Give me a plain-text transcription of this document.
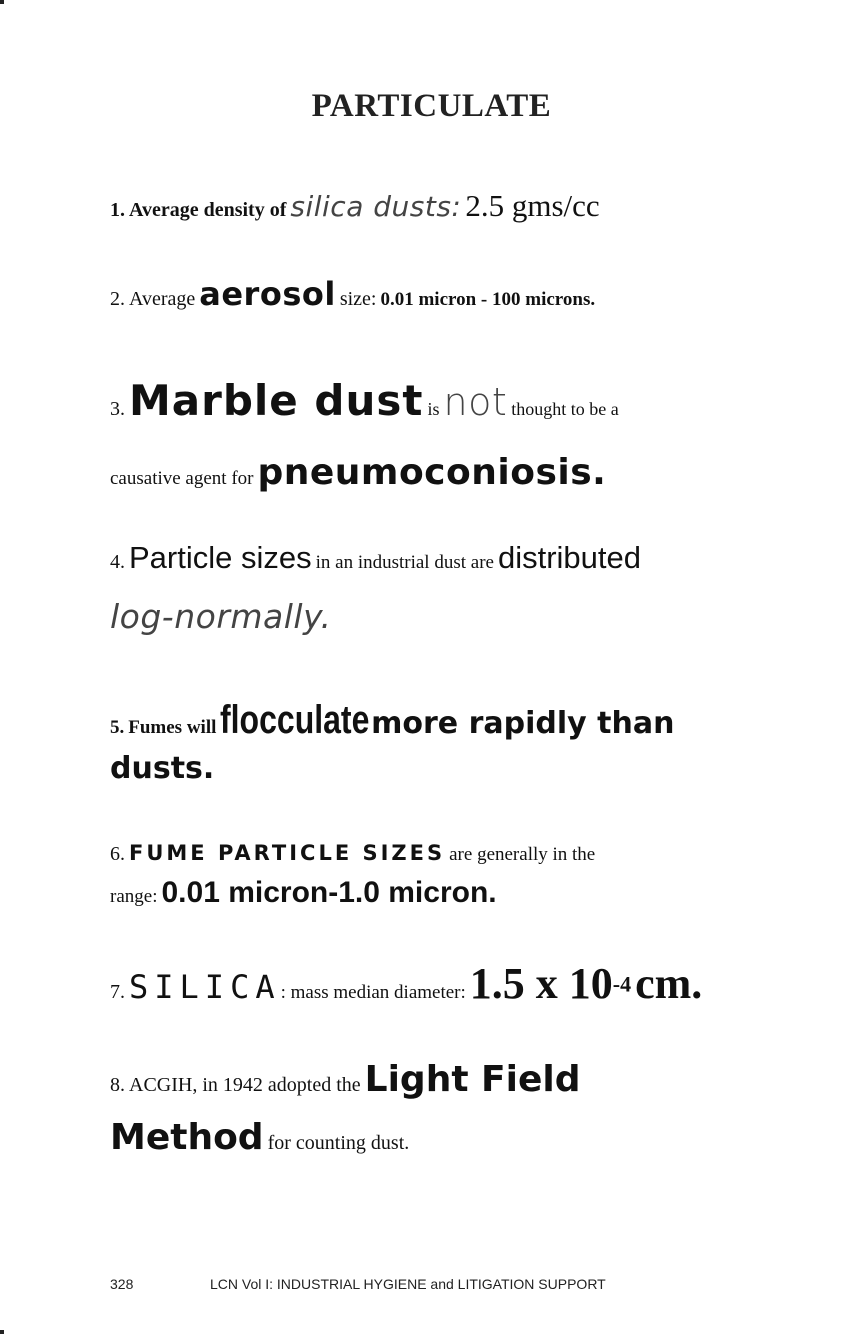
PARTICULATE
1. Average density of silica dusts: 2.5 gms/cc
2. Average aerosol size: 0.01 micron - 100 microns.
3. Marble dust is not thought to be a
causative agent for pneumoconiosis.
4. Particle sizes in an industrial dust are distributed
log-normally.
5. Fumes will flocculate more rapidly than
dusts.
6. FUME PARTICLE SIZES are generally in the
range: 0.01 micron-1.0 micron.
7. SILICA: mass median diameter: 1.5 x $10^{-4}$ cm.
8. ACGIH, in 1942 adopted the Light Field
Method for counting dust.
328	LCN Vol I: INDUSTRIAL HYGIENE and LITIGATION SUPPORT
